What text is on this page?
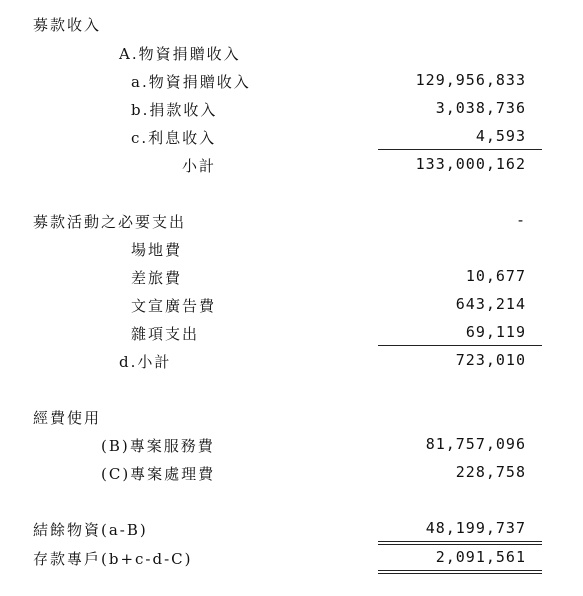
募款收入
A.物資捐贈收入
a.物資捐贈收入	129,956,833
b.捐款收入	3,038,736
c.利息收入	4,593
小計	133,000,162
募款活動之必要支出	-
場地費
差旅費	10,677
文宣廣告費	643,214
雜項支出	69,119
d.小計	723,010
經費使用
(B)專案服務費	81,757,096
(C)專案處理費	228,758
結餘物資(a-B)	48,199,737
存款專戶(b+c-d-C)	2,091,561
